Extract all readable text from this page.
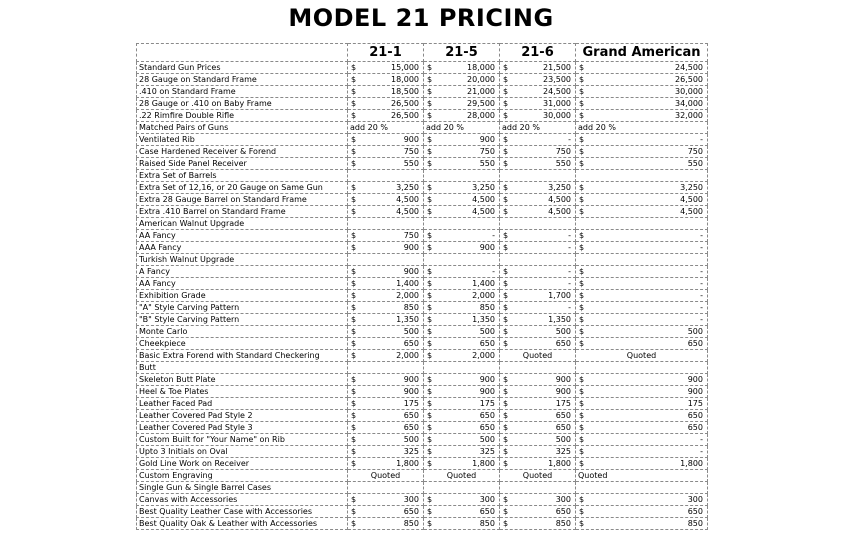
MODEL 21 PRICING
	21-1	21-5	21-6	Grand American
Standard Gun Prices	$ 15,000	$ 18,000	$ 21,500	$ 24,500

28 Gauge on Standard Frame	$ 18,000	$ 20,000	$ 23,500	$ 26,500

.410 on Standard Frame	$ 18,500	$ 21,000	$ 24,500	$ 30,000

28 Gauge or .410 on Baby Frame	$ 26,500	$ 29,500	$ 31,000	$ 34,000

.22 Rimfire Double Rifle	$ 26,500	$ 28,000	$ 30,000	$ 32,000

Matched Pairs of Guns	add 20 %	add 20 %	add 20 %	add 20 %
Ventilated Rib	$ 900	$ 900	$ -	$ -

Case Hardened Receiver & Forend	$ 750	$ 750	$ 750	$ 750

Raised Side Panel Receiver	$ 550	$ 550	$ 550	$ 550

Extra Set of Barrels				
Extra Set of 12,16, or 20 Gauge on Same Gun	$ 3,250	$ 3,250	$ 3,250	$ 3,250

Extra 28 Gauge Barrel on Standard Frame	$ 4,500	$ 4,500	$ 4,500	$ 4,500

Extra .410 Barrel on Standard Frame	$ 4,500	$ 4,500	$ 4,500	$ 4,500

American Walnut Upgrade				
AA Fancy	$ 750	$ -	$ -	$ -

AAA Fancy	$ 900	$ 900	$ -	$ -

Turkish Walnut Upgrade				
A Fancy	$ 900	$ -	$ -	$ -

AA Fancy	$ 1,400	$ 1,400	$ -	$ -

Exhibition Grade	$ 2,000	$ 2,000	$ 1,700	$ -

"A" Style Carving Pattern	$ 850	$ 850	$ -	$ -

"B" Style Carving Pattern	$ 1,350	$ 1,350	$ 1,350	$ -

Monte Carlo	$ 500	$ 500	$ 500	$ 500

Cheekpiece	$ 650	$ 650	$ 650	$ 650

Basic Extra Forend with Standard Checkering	$ 2,000	$ 2,000	Quoted	Quoted
Butt				
Skeleton Butt Plate	$ 900	$ 900	$ 900	$ 900

Heel & Toe Plates	$ 900	$ 900	$ 900	$ 900

Leather Faced Pad	$ 175	$ 175	$ 175	$ 175

Leather Covered Pad Style 2	$ 650	$ 650	$ 650	$ 650

Leather Covered Pad Style 3	$ 650	$ 650	$ 650	$ 650

Custom Built for "Your Name" on Rib	$ 500	$ 500	$ 500	$ -

Upto 3 Initials on Oval	$ 325	$ 325	$ 325	$ -

Gold Line Work on Receiver	$ 1,800	$ 1,800	$ 1,800	$ 1,800

Custom Engraving	Quoted	Quoted	Quoted	Quoted
Single Gun & Single Barrel Cases				
Canvas with Accessories	$ 300	$ 300	$ 300	$ 300

Best Quality Leather Case with Accessories	$ 650	$ 650	$ 650	$ 650

Best Quality Oak & Leather with Accessories	$ 850	$ 850	$ 850	$ 850
